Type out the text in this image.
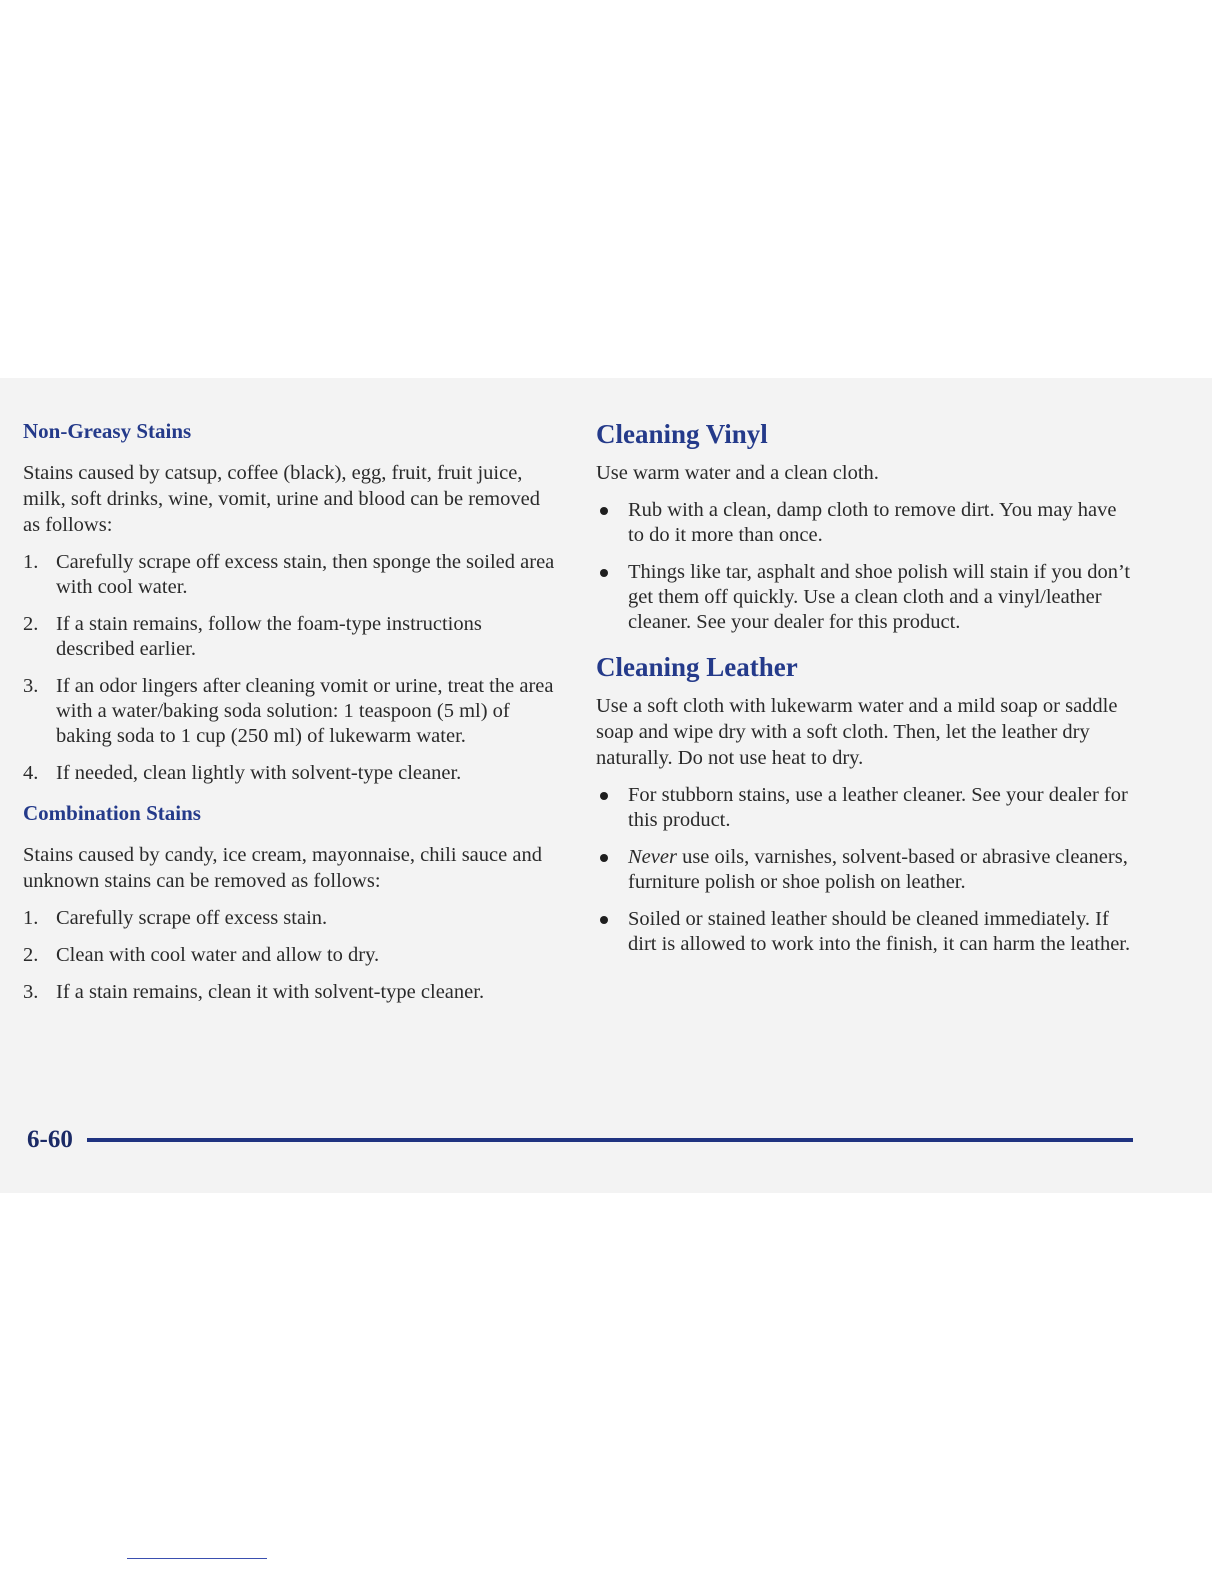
Non-Greasy Stains

Stains caused by catsup, coffee (black), egg, fruit, fruit juice, milk, soft drinks, wine, vomit, urine and blood can be removed as follows:

1. Carefully scrape off excess stain, then sponge the soiled area with cool water.
2. If a stain remains, follow the foam-type instructions described earlier.
3. If an odor lingers after cleaning vomit or urine, treat the area with a water/baking soda solution: 1 teaspoon (5 ml) of baking soda to 1 cup (250 ml) of lukewarm water.
4. If needed, clean lightly with solvent-type cleaner.
Combination Stains

Stains caused by candy, ice cream, mayonnaise, chili sauce and unknown stains can be removed as follows:

1. Carefully scrape off excess stain.
2. Clean with cool water and allow to dry.
3. If a stain remains, clean it with solvent-type cleaner.
Cleaning Vinyl

Use warm water and a clean cloth.

Rub with a clean, damp cloth to remove dirt. You may have to do it more than once.
Things like tar, asphalt and shoe polish will stain if you don’t get them off quickly. Use a clean cloth and a vinyl/leather cleaner. See your dealer for this product.
Cleaning Leather

Use a soft cloth with lukewarm water and a mild soap or saddle soap and wipe dry with a soft cloth. Then, let the leather dry naturally. Do not use heat to dry.

For stubborn stains, use a leather cleaner. See your dealer for this product.
Never use oils, varnishes, solvent-based or abrasive cleaners, furniture polish or shoe polish on leather.
Soiled or stained leather should be cleaned immediately. If dirt is allowed to work into the finish, it can harm the leather.
6-60
